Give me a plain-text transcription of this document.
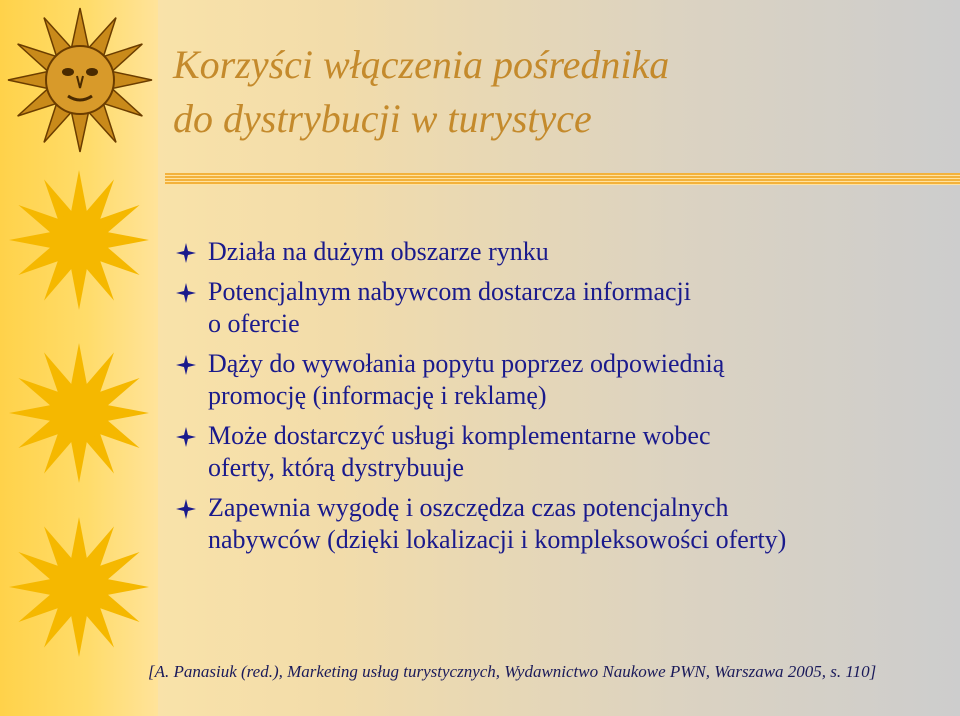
Korzyści włączenia pośrednika
do dystrybucji w turystyce
Działa na dużym obszarze rynku
Potencjalnym nabywcom dostarcza informacji
o ofercie
Dąży do wywołania popytu poprzez odpowiednią
promocję (informację i reklamę)
Może dostarczyć usługi komplementarne wobec
oferty, którą dystrybuuje
Zapewnia wygodę i oszczędza czas potencjalnych
nabywców (dzięki lokalizacji i kompleksowości oferty)

[A. Panasiuk (red.), Marketing usług turystycznych, Wydawnictwo Naukowe PWN, Warszawa 2005, s. 110]
